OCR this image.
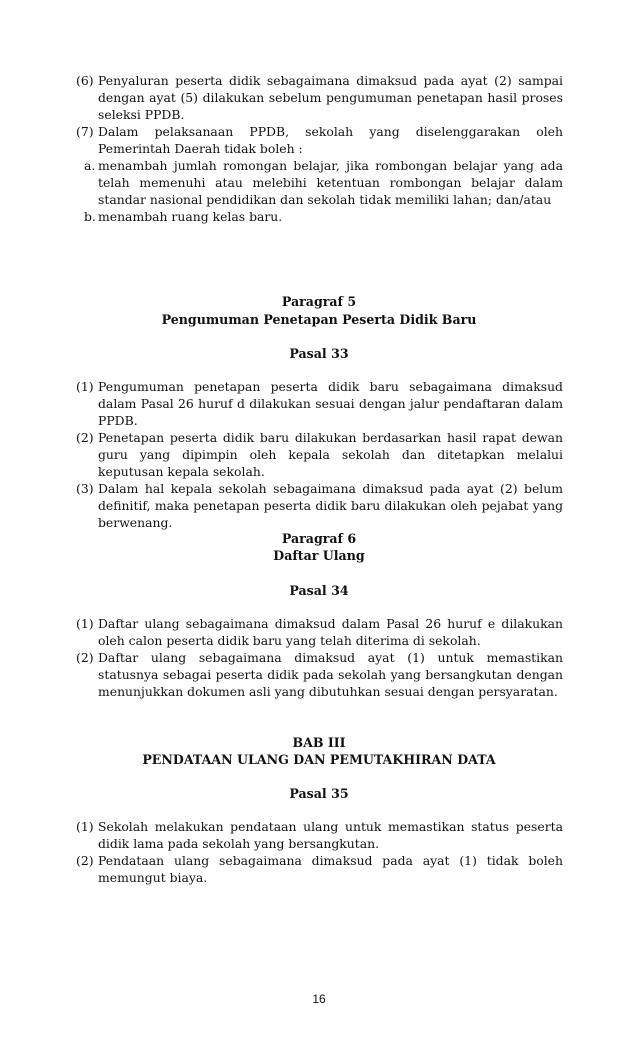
(6) Penyaluran peserta didik sebagaimana dimaksud pada ayat (2) sampai dengan ayat (5) dilakukan sebelum pengumuman penetapan hasil proses seleksi PPDB.
(7) Dalam pelaksanaan PPDB, sekolah yang diselenggarakan oleh Pemerintah Daerah tidak boleh :
a. menambah jumlah romongan belajar, jika rombongan belajar yang ada telah memenuhi atau melebihi ketentuan rombongan belajar dalam standar nasional pendidikan dan sekolah tidak memiliki lahan; dan/atau
b. menambah ruang kelas baru.
Paragraf 5
Pengumuman Penetapan Peserta Didik Baru
Pasal 33
(1) Pengumuman penetapan peserta didik baru sebagaimana dimaksud dalam Pasal 26 huruf d dilakukan sesuai dengan jalur pendaftaran dalam PPDB.
(2) Penetapan peserta didik baru dilakukan berdasarkan hasil rapat dewan guru yang dipimpin oleh kepala sekolah dan ditetapkan melalui keputusan kepala sekolah.
(3) Dalam hal kepala sekolah sebagaimana dimaksud pada ayat (2) belum definitif, maka penetapan peserta didik baru dilakukan oleh pejabat yang berwenang.
Paragraf 6
Daftar Ulang
Pasal 34
(1) Daftar ulang sebagaimana dimaksud dalam Pasal 26 huruf e dilakukan oleh calon peserta didik baru yang telah diterima di sekolah.
(2) Daftar ulang sebagaimana dimaksud ayat (1) untuk memastikan statusnya sebagai peserta didik pada sekolah yang bersangkutan dengan menunjukkan dokumen asli yang dibutuhkan sesuai dengan persyaratan.
BAB III
PENDATAAN ULANG DAN PEMUTAKHIRAN DATA
Pasal 35
(1) Sekolah melakukan pendataan ulang untuk memastikan status peserta didik lama pada sekolah yang bersangkutan.
(2) Pendataan ulang sebagaimana dimaksud pada ayat (1) tidak boleh memungut biaya.
16
